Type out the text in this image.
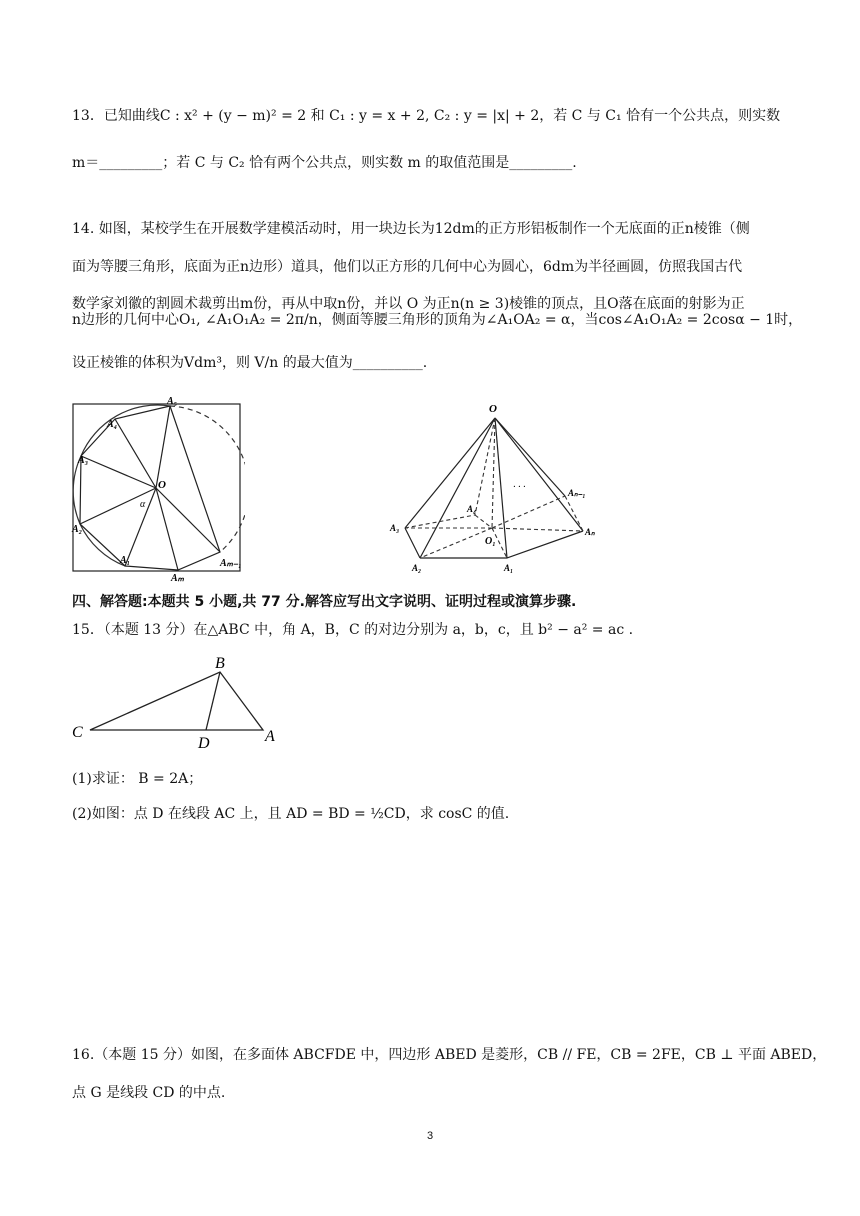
13．已知曲线C : x² + (y − m)² = 2 和 C₁ : y = x + 2, C₂ : y = |x| + 2，若 C 与 C₁ 恰有一个公共点，则实数
m＝_________；若 C 与 C₂ 恰有两个公共点，则实数 m 的取值范围是_________.
14. 如图，某校学生在开展数学建模活动时，用一块边长为12dm的正方形铝板制作一个无底面的正n棱锥（侧
面为等腰三角形，底面为正n边形）道具，他们以正方形的几何中心为圆心，6dm为半径画圆，仿照我国古代
数学家刘徽的割圆术裁剪出m份，再从中取n份，并以 O 为正n(n ≥ 3)棱锥的顶点，且O落在底面的射影为正
n边形的几何中心O₁, ∠A₁O₁A₂ = 2π/n，侧面等腰三角形的顶角为∠A₁OA₂ = α，当cos∠A₁O₁A₂ = 2cosα − 1时，
设正棱锥的体积为Vdm³，则 V/n 的最大值为__________.
A₅
A₄
A₃
O
α
A₂
A₁
Aₘ
Aₘ₋₁
O
Aₙ₋₁
A₄
A₃
O₁
Aₙ
A₂	A₁
· · ·
四、解答题:本题共 5 小题,共 77 分.解答应写出文字说明、证明过程或演算步骤.
15．（本题 13 分）在△ABC 中，角 A，B，C 的对边分别为 a，b，c，且 b² − a² = ac .
B
C
D	A
(1)求证： B = 2A；
(2)如图：点 D 在线段 AC 上，且 AD = BD = ½CD，求 cosC 的值.
16.（本题 15 分）如图，在多面体 ABCFDE 中，四边形 ABED 是菱形，CB // FE，CB = 2FE，CB ⊥ 平面 ABED，
点 G 是线段 CD 的中点.
3
